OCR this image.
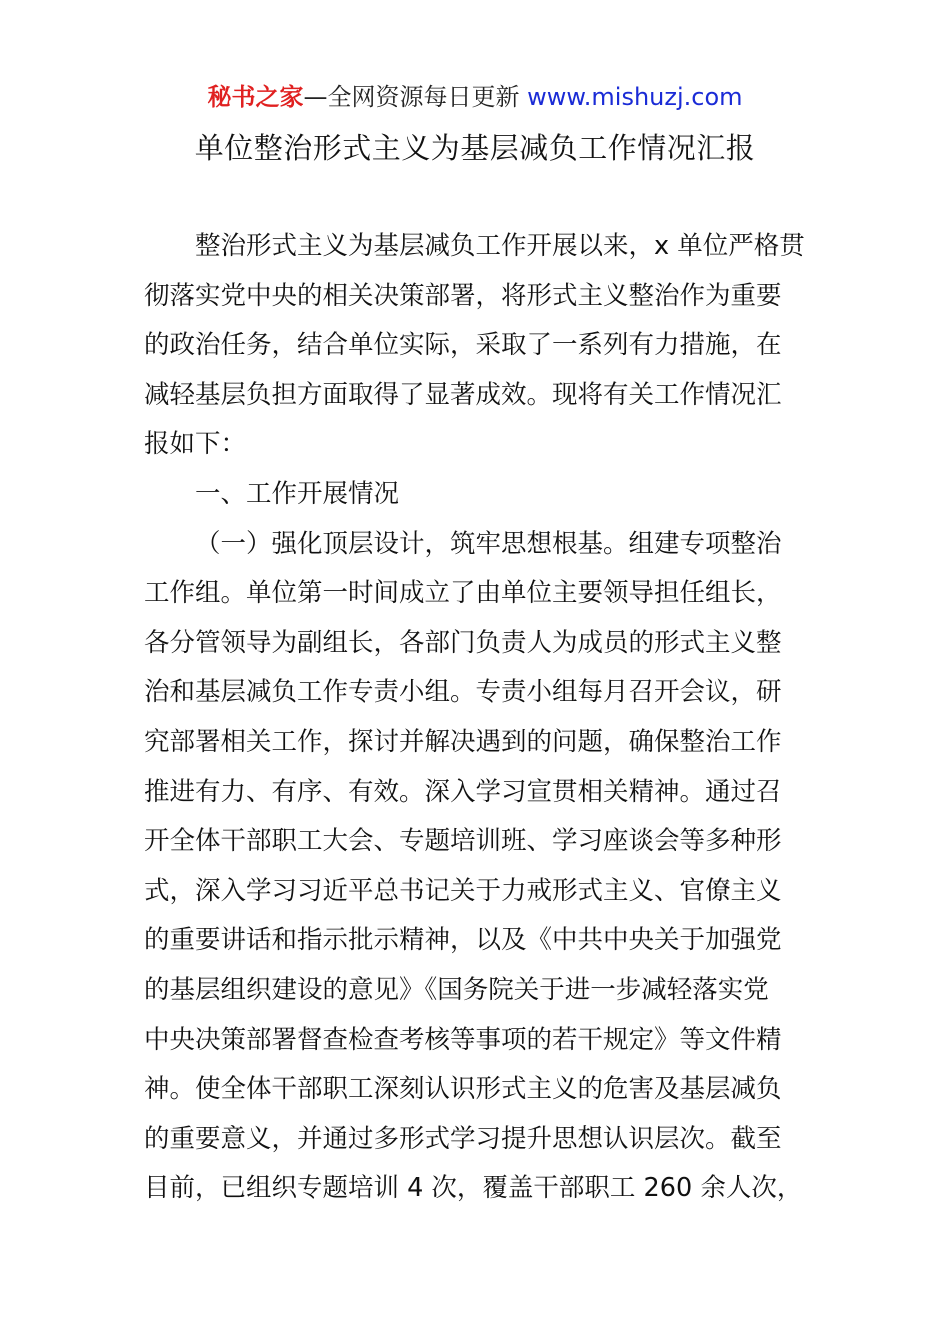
秘书之家—全网资源每日更新 www.mishuzj.com
单位整治形式主义为基层减负工作情况汇报
整治形式主义为基层减负工作开展以来，x 单位严格贯
彻落实党中央的相关决策部署，将形式主义整治作为重要
的政治任务，结合单位实际，采取了一系列有力措施，在
减轻基层负担方面取得了显著成效。现将有关工作情况汇
报如下：
一、工作开展情况
（一）强化顶层设计，筑牢思想根基。组建专项整治
工作组。单位第一时间成立了由单位主要领导担任组长，
各分管领导为副组长，各部门负责人为成员的形式主义整
治和基层减负工作专责小组。专责小组每月召开会议，研
究部署相关工作，探讨并解决遇到的问题，确保整治工作
推进有力、有序、有效。深入学习宣贯相关精神。通过召
开全体干部职工大会、专题培训班、学习座谈会等多种形
式，深入学习习近平总书记关于力戒形式主义、官僚主义
的重要讲话和指示批示精神，以及《中共中央关于加强党
的基层组织建设的意见》《国务院关于进一步减轻落实党
中央决策部署督查检查考核等事项的若干规定》等文件精
神。使全体干部职工深刻认识形式主义的危害及基层减负
的重要意义，并通过多形式学习提升思想认识层次。截至
目前，已组织专题培训 4 次，覆盖干部职工 260 余人次，
